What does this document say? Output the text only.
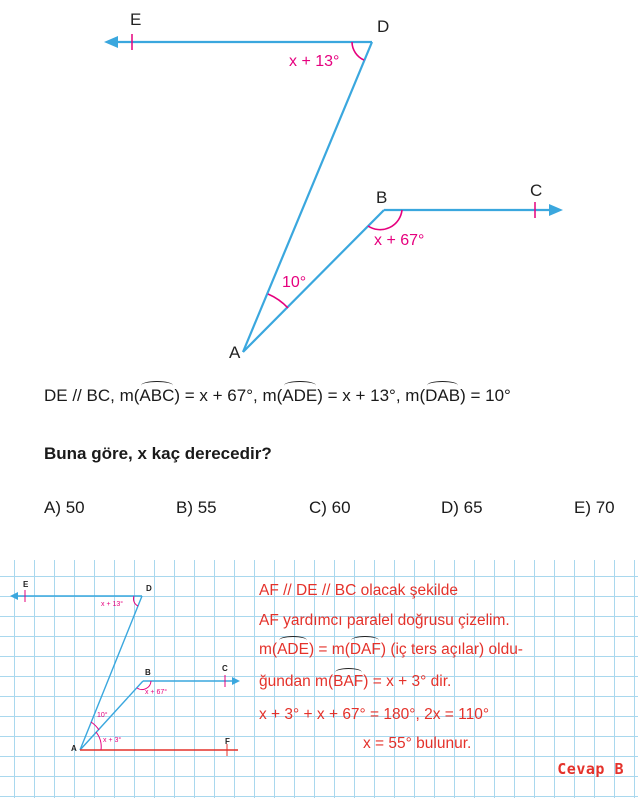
E	D
B	C
A
x + 13°
x + 67°
10°
DE // BC, m(ABC) = x + 67°, m(ADE) = x + 13°, m(DAB) = 10°
Buna göre, x kaç derecedir?
A) 50	B) 55	C) 60	D) 65	E) 70
E	D
B	C
A
F
x + 13°
x + 67°
10°
x + 3°
AF // DE // BC olacak şekilde
AF yardımcı paralel doğrusu çizelim.
m(ADE) = m(DAF) (iç ters açılar) oldu-
ğundan m(BAF) = x + 3° dir.
x + 3° + x + 67° = 180°, 2x = 110°
x = 55° bulunur.
Cevap B
